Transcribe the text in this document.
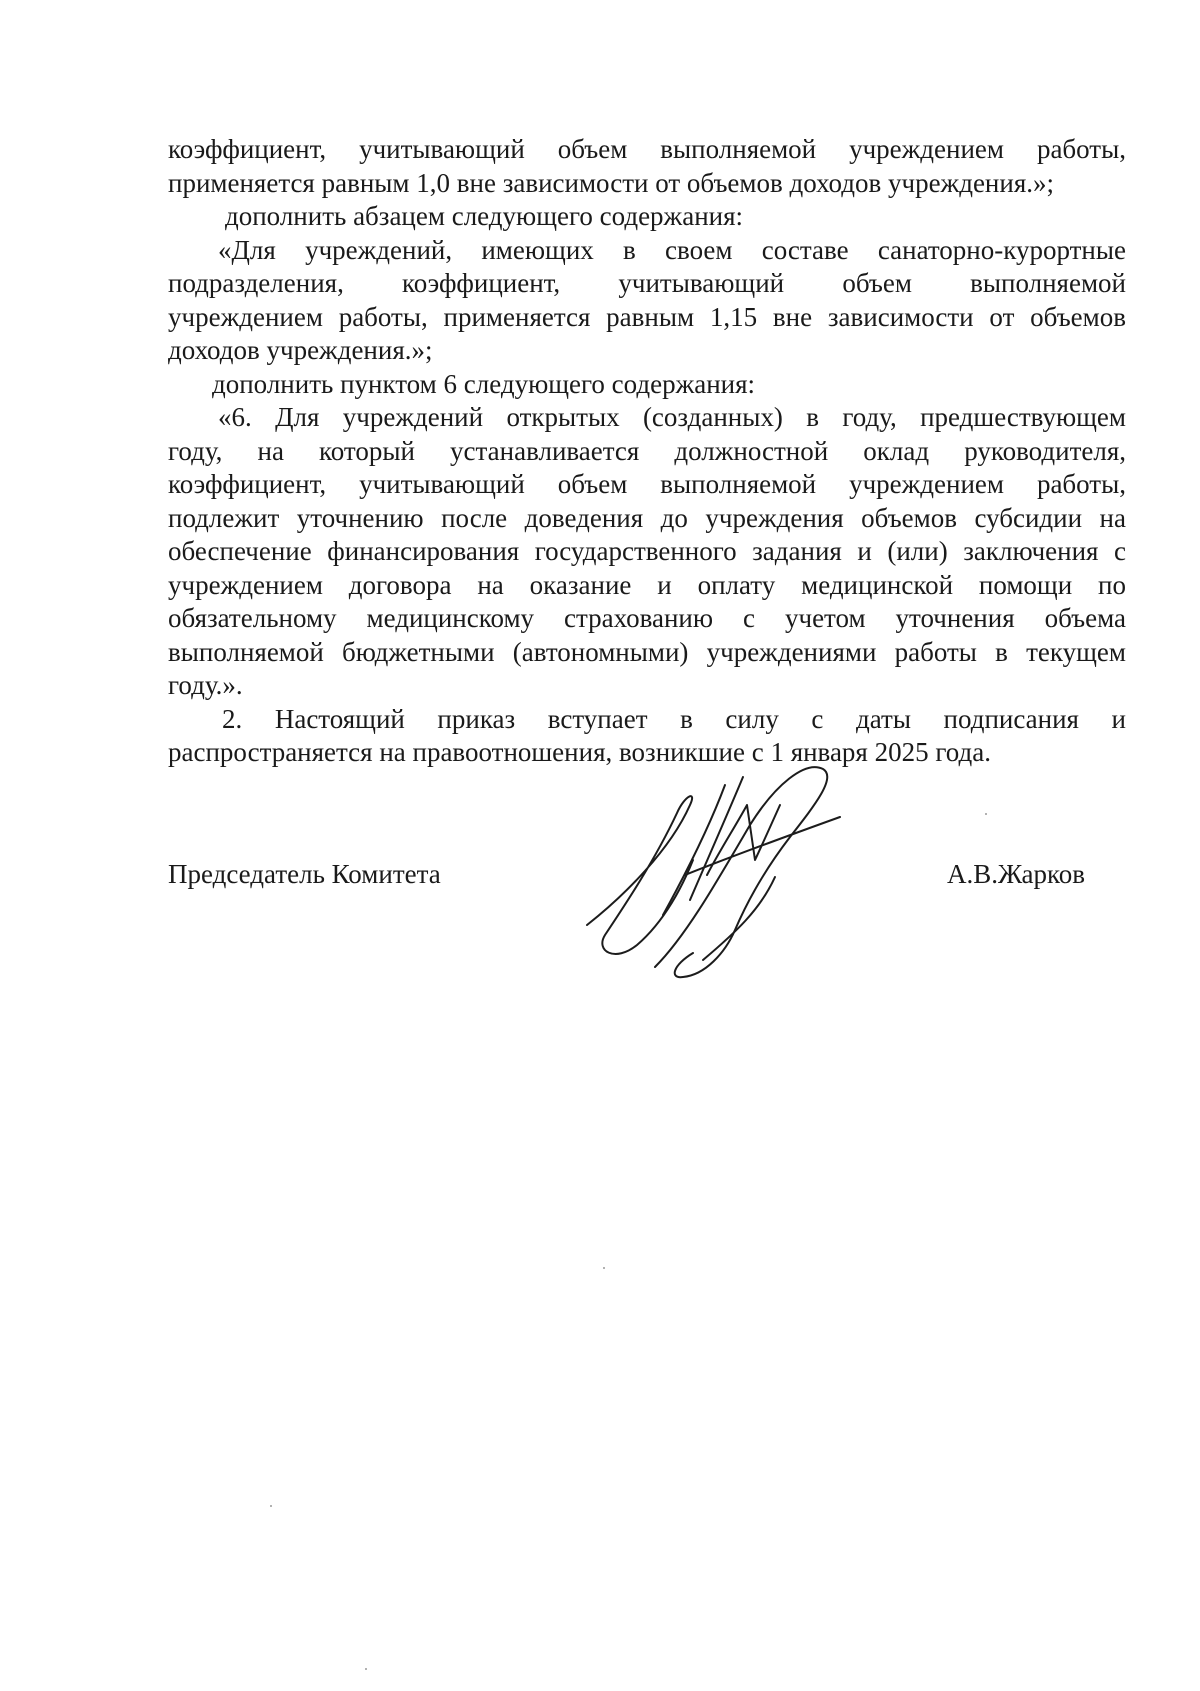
коэффициент, учитывающий объем выполняемой учреждением работы,
применяется равным 1,0 вне зависимости от объемов доходов учреждения.»;
дополнить абзацем следующего содержания:
«Для учреждений, имеющих в своем составе санаторно-курортные
подразделения, коэффициент, учитывающий объем выполняемой
учреждением работы, применяется равным 1,15 вне зависимости от объемов
доходов учреждения.»;
дополнить пунктом 6 следующего содержания:
«6. Для учреждений открытых (созданных) в году, предшествующем
году, на который устанавливается должностной оклад руководителя,
коэффициент, учитывающий объем выполняемой учреждением работы,
подлежит уточнению после доведения до учреждения объемов субсидии на
обеспечение финансирования государственного задания и (или) заключения с
учреждением договора на оказание и оплату медицинской помощи по
обязательному медицинскому страхованию с учетом уточнения объема
выполняемой бюджетными (автономными) учреждениями работы в текущем
году.».
2. Настоящий приказ вступает в силу с даты подписания и
распространяется на правоотношения, возникшие с 1 января 2025 года.
Председатель Комитета	А.В.Жарков
